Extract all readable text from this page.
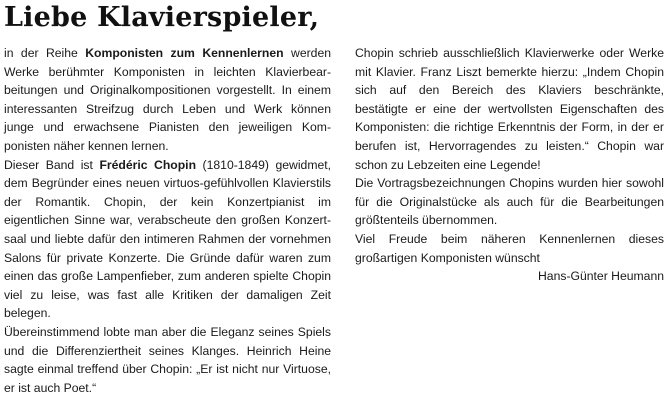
Liebe Klavierspieler,

in der Reihe Komponisten zum Kennenlernen werden Werke berühmter Komponisten in leichten Klavierbearbeitungen und Originalkompositionen vorgestellt. In einem interessanten Streifzug durch Leben und Werk können junge und erwachsene Pianisten den jeweiligen Komponisten näher kennen lernen.

Dieser Band ist Frédéric Chopin (1810-1849) gewidmet, dem Begründer eines neuen virtuos-gefühlvollen Klavierstils der Romantik. Chopin, der kein Konzertpianist im eigentlichen Sinne war, verabscheute den großen Konzertsaal und liebte dafür den intimeren Rahmen der vornehmen Salons für private Konzerte. Die Gründe dafür waren zum einen das große Lampenfieber, zum anderen spielte Chopin viel zu leise, was fast alle Kritiken der damaligen Zeit belegen.

Übereinstimmend lobte man aber die Eleganz seines Spiels und die Differenziertheit seines Klanges. Heinrich Heine sagte einmal treffend über Chopin: „Er ist nicht nur Virtuose, er ist auch Poet.“

Chopin schrieb ausschließlich Klavierwerke oder Werke mit Klavier. Franz Liszt bemerkte hierzu: „Indem Chopin sich auf den Bereich des Klaviers beschränkte, bestätigte er eine der wertvollsten Eigenschaften des Komponisten: die richtige Erkenntnis der Form, in der er berufen ist, Hervorragendes zu leisten.“ Chopin war schon zu Lebzeiten eine Legende!

Die Vortragsbezeichnungen Chopins wurden hier sowohl für die Originalstücke als auch für die Bearbeitungen größtenteils übernommen.

Viel Freude beim näheren Kennenlernen dieses großartigen Komponisten wünscht

Hans-Günter Heumann
